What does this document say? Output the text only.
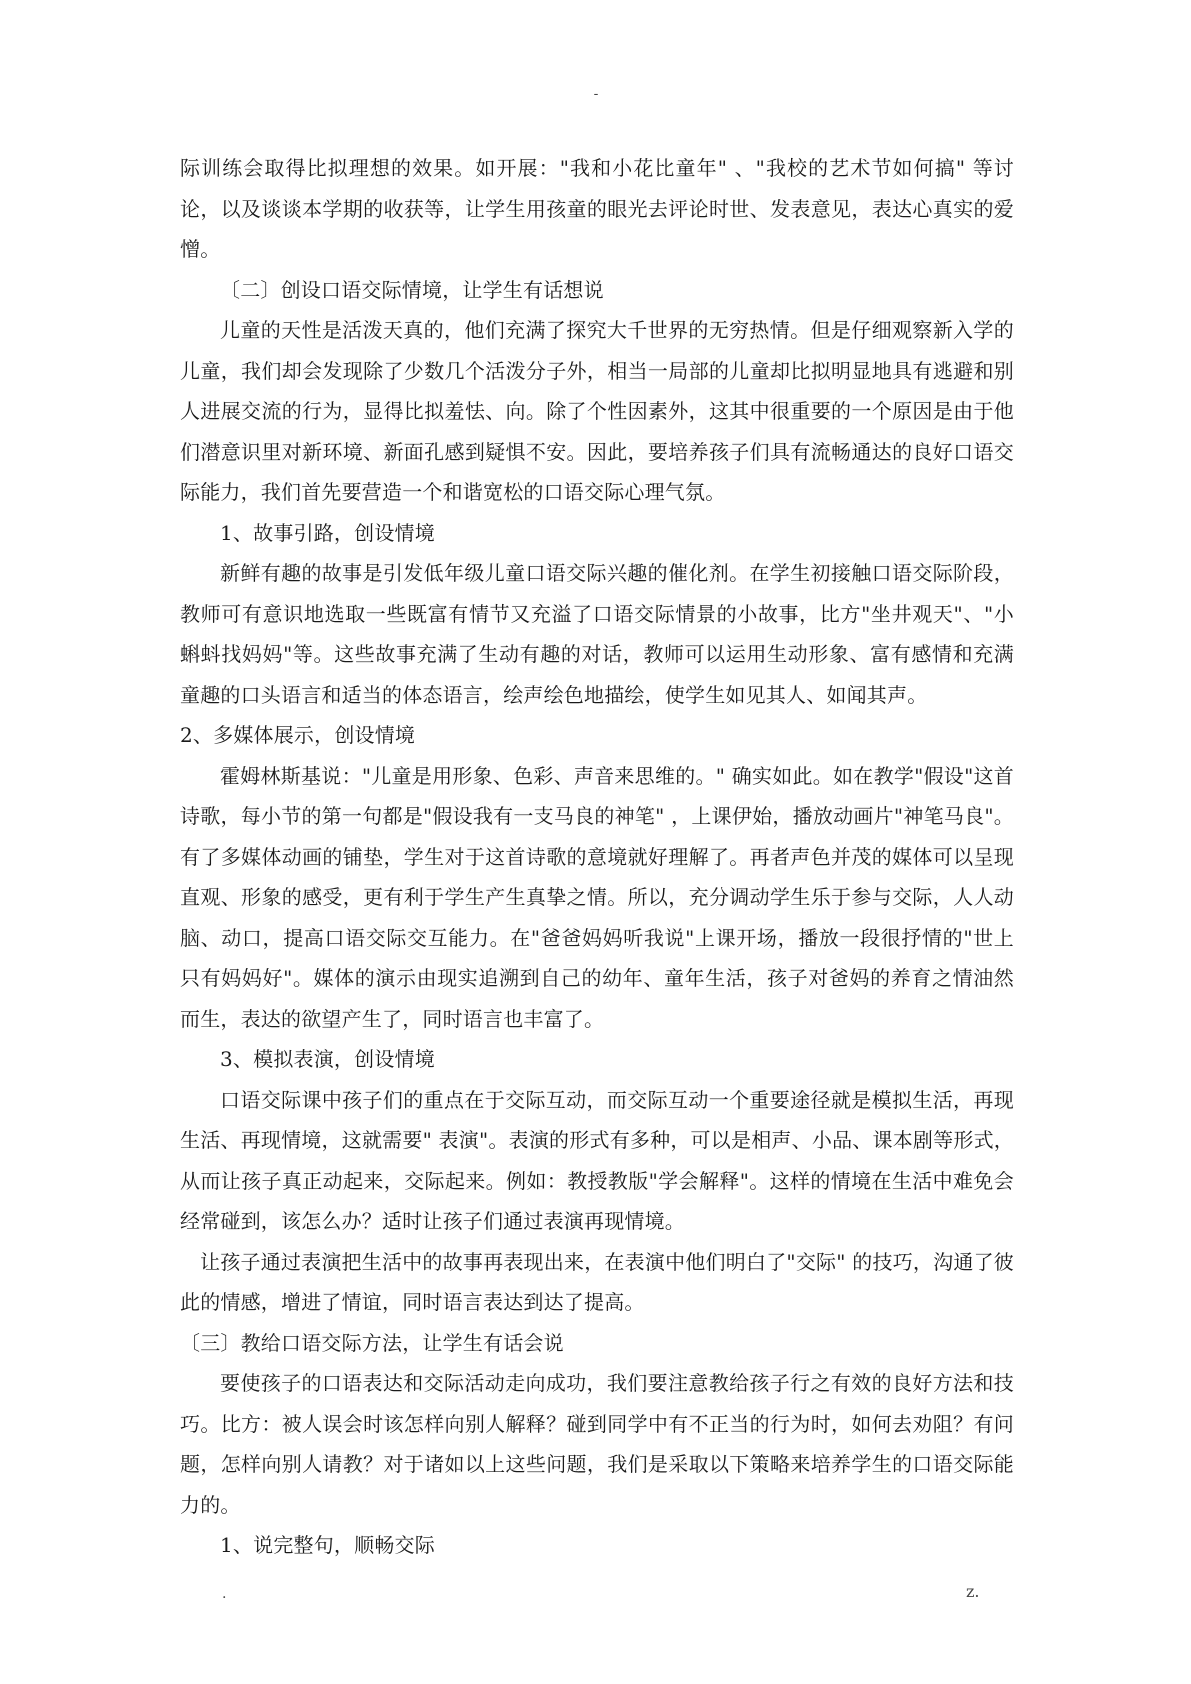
-

际训练会取得比拟理想的效果。如开展："我和小花比童年" 、"我校的艺术节如何搞" 等讨论，以及谈谈本学期的收获等，让学生用孩童的眼光去评论时世、发表意见，表达心真实的爱憎。

〔二〕创设口语交际情境，让学生有话想说

儿童的天性是活泼天真的，他们充满了探究大千世界的无穷热情。但是仔细观察新入学的儿童，我们却会发现除了少数几个活泼分子外，相当一局部的儿童却比拟明显地具有逃避和别人进展交流的行为，显得比拟羞怯、向。除了个性因素外，这其中很重要的一个原因是由于他们潜意识里对新环境、新面孔感到疑惧不安。因此，要培养孩子们具有流畅通达的良好口语交际能力，我们首先要营造一个和谐宽松的口语交际心理气氛。

1、故事引路，创设情境

新鲜有趣的故事是引发低年级儿童口语交际兴趣的催化剂。在学生初接触口语交际阶段，教师可有意识地选取一些既富有情节又充溢了口语交际情景的小故事，比方"坐井观天"、"小蝌蚪找妈妈"等。这些故事充满了生动有趣的对话，教师可以运用生动形象、富有感情和充满童趣的口头语言和适当的体态语言，绘声绘色地描绘，使学生如见其人、如闻其声。

2、多媒体展示，创设情境

霍姆林斯基说："儿童是用形象、色彩、声音来思维的。" 确实如此。如在教学"假设"这首诗歌，每小节的第一句都是"假设我有一支马良的神笔" ，上课伊始，播放动画片"神笔马良"。有了多媒体动画的铺垫，学生对于这首诗歌的意境就好理解了。再者声色并茂的媒体可以呈现直观、形象的感受，更有利于学生产生真挚之情。所以，充分调动学生乐于参与交际，人人动脑、动口，提高口语交际交互能力。在"爸爸妈妈听我说"上课开场，播放一段很抒情的"世上只有妈妈好"。媒体的演示由现实追溯到自己的幼年、童年生活，孩子对爸妈的养育之情油然而生，表达的欲望产生了，同时语言也丰富了。

3、模拟表演，创设情境

口语交际课中孩子们的重点在于交际互动，而交际互动一个重要途径就是模拟生活，再现生活、再现情境，这就需要" 表演"。表演的形式有多种，可以是相声、小品、课本剧等形式，从而让孩子真正动起来，交际起来。例如：教授教版"学会解释"。这样的情境在生活中难免会经常碰到，该怎么办？适时让孩子们通过表演再现情境。

让孩子通过表演把生活中的故事再表现出来，在表演中他们明白了"交际" 的技巧，沟通了彼此的情感，增进了情谊，同时语言表达到达了提高。

〔三〕教给口语交际方法，让学生有话会说

要使孩子的口语表达和交际活动走向成功，我们要注意教给孩子行之有效的良好方法和技巧。比方：被人误会时该怎样向别人解释？碰到同学中有不正当的行为时，如何去劝阻？有问题，怎样向别人请教？对于诸如以上这些问题，我们是采取以下策略来培养学生的口语交际能力的。

1、说完整句，顺畅交际

.	z.
